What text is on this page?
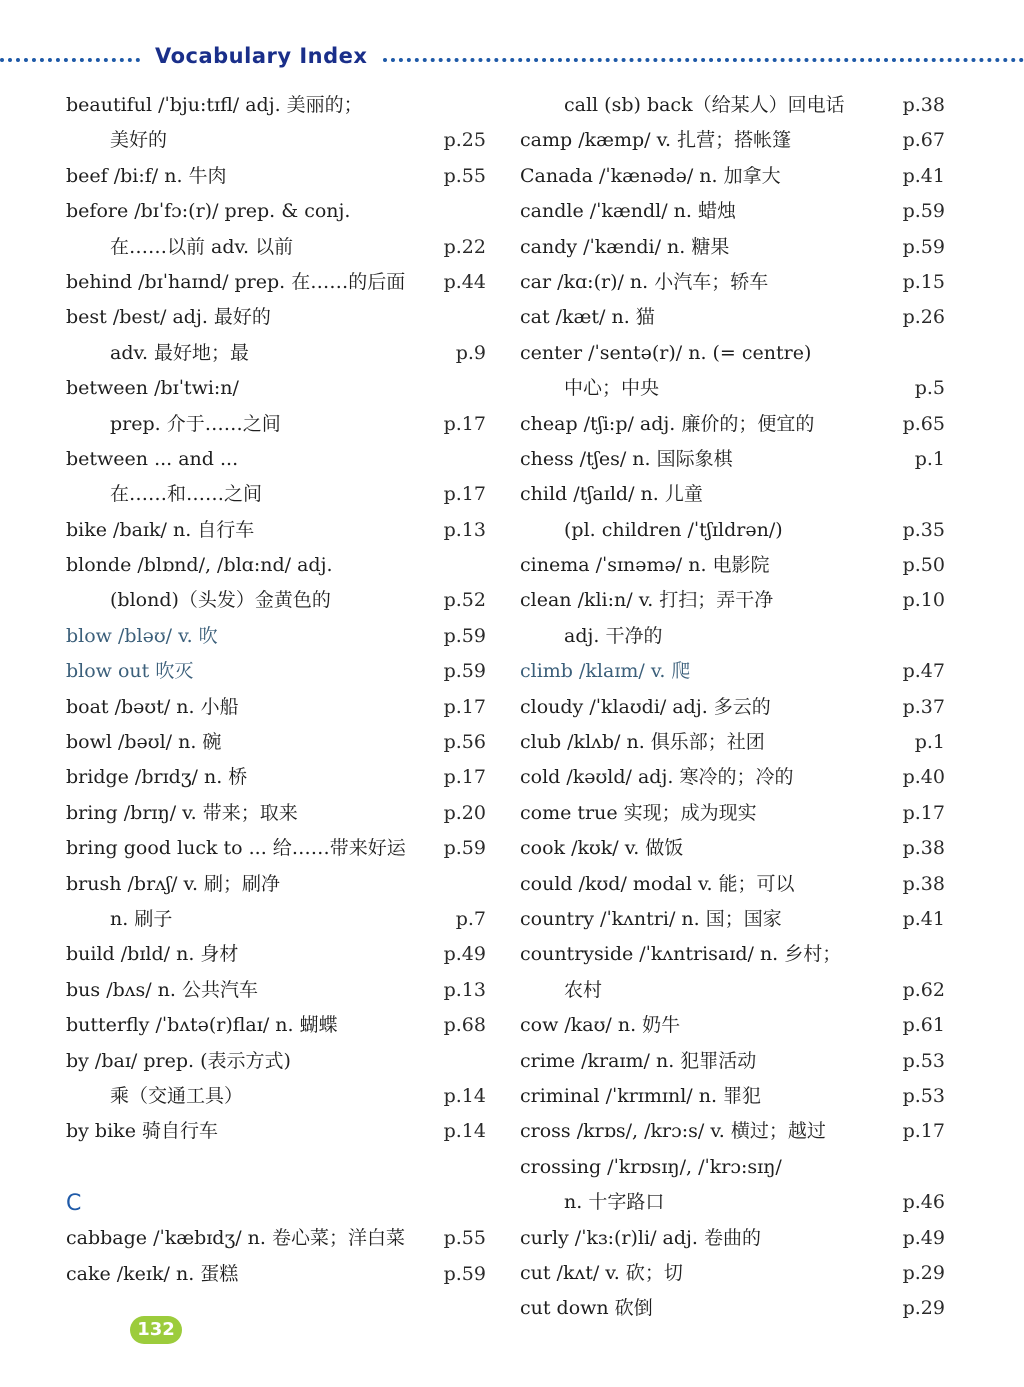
Vocabulary Index
beautiful /ˈbju:tɪfl/ adj. 美丽的；
美好的	p.25
beef /bi:f/ n. 牛肉	p.55
before /bɪˈfɔ:(r)/ prep. & conj.
在……以前 adv. 以前	p.22
behind /bɪˈhaɪnd/ prep. 在……的后面 p.44
best /best/ adj. 最好的
adv. 最好地；最	p.9
between /bɪˈtwi:n/
prep. 介于……之间	p.17
between ... and ...
在……和……之间	p.17
bike /baɪk/ n. 自行车	p.13
blonde /blɒnd/, /blɑ:nd/ adj.
(blond)（头发）金黄色的	p.52
blow /bləʊ/ v. 吹	p.59
blow out 吹灭	p.59
boat /bəʊt/ n. 小船	p.17
bowl /bəʊl/ n. 碗	p.56
bridge /brɪdʒ/ n. 桥	p.17
bring /brɪŋ/ v. 带来；取来	p.20
bring good luck to ... 给……带来好运 p.59
brush /brʌʃ/ v. 刷；刷净
n. 刷子	p.7
build /bɪld/ n. 身材	p.49
bus /bʌs/ n. 公共汽车	p.13
butterfly /ˈbʌtə(r)flaɪ/ n. 蝴蝶	p.68
by /baɪ/ prep. (表示方式)
乘（交通工具）	p.14
by bike 骑自行车	p.14
C
cabbage /ˈkæbɪdʒ/ n. 卷心菜；洋白菜 p.55
cake /keɪk/ n. 蛋糕	p.59
call (sb) back（给某人）回电话	p.38
camp /kæmp/ v. 扎营；搭帐篷	p.67
Canada /ˈkænədə/ n. 加拿大	p.41
candle /ˈkændl/ n. 蜡烛	p.59
candy /ˈkændi/ n. 糖果	p.59
car /kɑ:(r)/ n. 小汽车；轿车	p.15
cat /kæt/ n. 猫	p.26
center /ˈsentə(r)/ n. (= centre)
中心；中央	p.5
cheap /tʃi:p/ adj. 廉价的；便宜的	p.65
chess /tʃes/ n. 国际象棋	p.1
child /tʃaɪld/ n. 儿童
(pl. children /ˈtʃɪldrən/)	p.35
cinema /ˈsɪnəmə/ n. 电影院	p.50
clean /kli:n/ v. 打扫；弄干净	p.10
adj. 干净的
climb /klaɪm/ v. 爬	p.47
cloudy /ˈklaʊdi/ adj. 多云的	p.37
club /klʌb/ n. 俱乐部；社团	p.1
cold /kəʊld/ adj. 寒冷的；冷的	p.40
come true 实现；成为现实	p.17
cook /kʊk/ v. 做饭	p.38
could /kʊd/ modal v. 能；可以	p.38
country /ˈkʌntri/ n. 国；国家	p.41
countryside /ˈkʌntrisaɪd/ n. 乡村；
农村	p.62
cow /kaʊ/ n. 奶牛	p.61
crime /kraɪm/ n. 犯罪活动	p.53
criminal /ˈkrɪmɪnl/ n. 罪犯	p.53
cross /krɒs/, /krɔ:s/ v. 横过；越过	p.17
crossing /ˈkrɒsɪŋ/, /ˈkrɔ:sɪŋ/
n. 十字路口	p.46
curly /ˈkɜ:(r)li/ adj. 卷曲的	p.49
cut /kʌt/ v. 砍；切	p.29
cut down 砍倒	p.29
132
